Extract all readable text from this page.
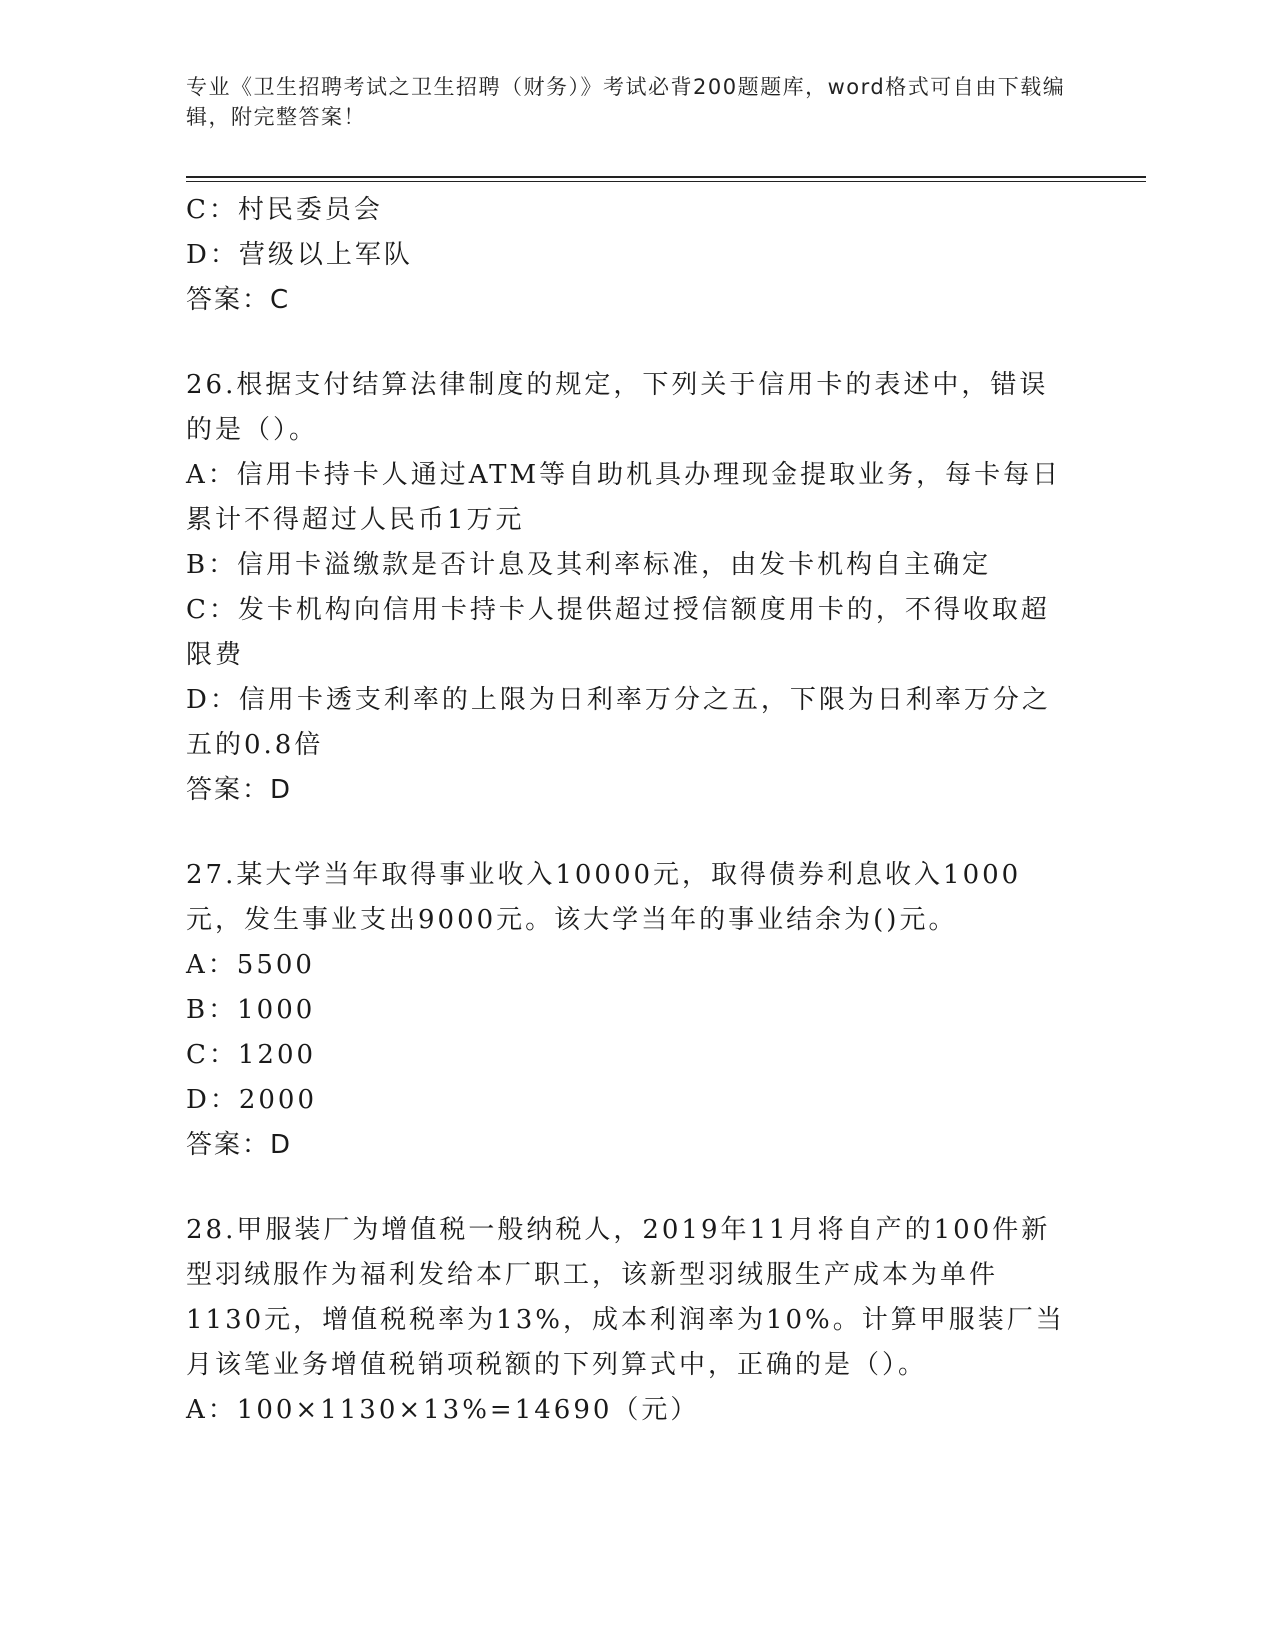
专业《卫生招聘考试之卫生招聘（财务）》考试必背200题题库，word格式可自由下载编辑，附完整答案！
C：村民委员会
D：营级以上军队
答案：C
26.根据支付结算法律制度的规定，下列关于信用卡的表述中，错误的是（）。
A：信用卡持卡人通过ATM等自助机具办理现金提取业务，每卡每日累计不得超过人民币1万元
B：信用卡溢缴款是否计息及其利率标准，由发卡机构自主确定
C：发卡机构向信用卡持卡人提供超过授信额度用卡的，不得收取超限费
D：信用卡透支利率的上限为日利率万分之五，下限为日利率万分之五的0.8倍
答案：D
27.某大学当年取得事业收入10000元，取得债券利息收入1000元，发生事业支出9000元。该大学当年的事业结余为()元。
A：5500
B：1000
C：1200
D：2000
答案：D
28.甲服装厂为增值税一般纳税人，2019年11月将自产的100件新型羽绒服作为福利发给本厂职工，该新型羽绒服生产成本为单件1130元，增值税税率为13%，成本利润率为10%。计算甲服装厂当月该笔业务增值税销项税额的下列算式中，正确的是（）。
A：100×1130×13%=14690（元）
